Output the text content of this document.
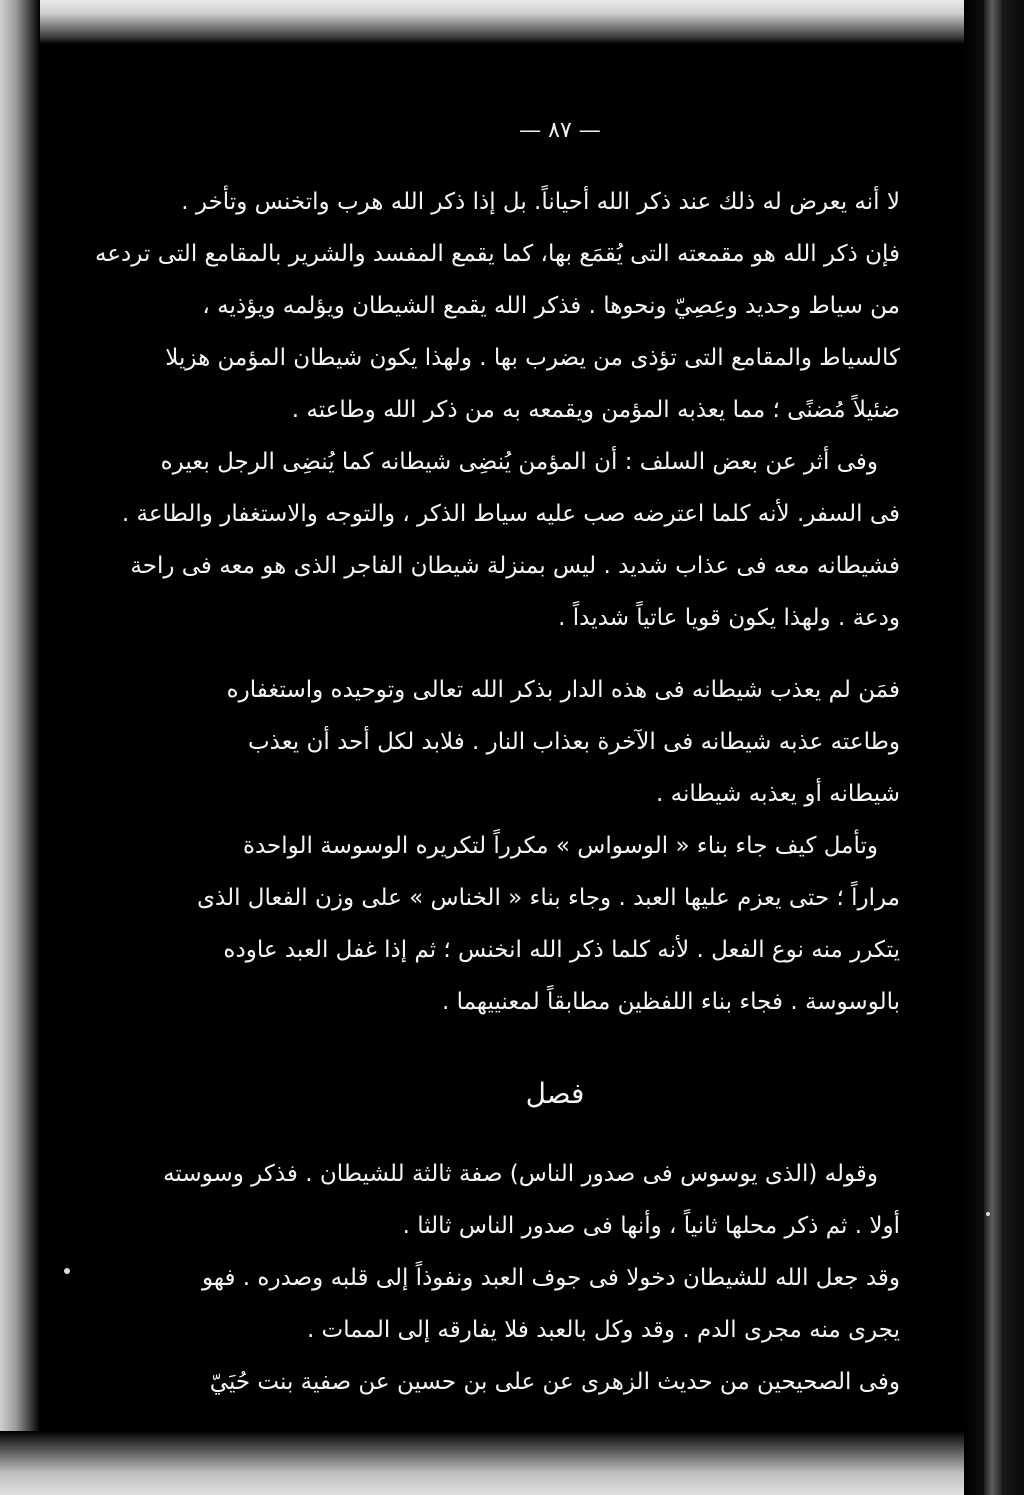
— ٨٧ —
لا أنه يعرض له ذلك عند ذكر الله أحياناً. بل إذا ذكر الله هرب واتخنس وتأخر .
فإن ذكر الله هو مقمعته التى يُقمَع بها، كما يقمع المفسد والشرير بالمقامع التى تردعه
من سياط وحديد وعِصِيّ ونحوها . فذكر الله يقمع الشيطان ويؤلمه ويؤذيه ،
كالسياط والمقامع التى تؤذى من يضرب بها . ولهذا يكون شيطان المؤمن هزيلا
ضئيلاً مُضنًى ؛ مما يعذبه المؤمن ويقمعه به من ذكر الله وطاعته .
وفى أثر عن بعض السلف : أن المؤمن يُنضِى شيطانه كما يُنضِى الرجل بعيره
فى السفر. لأنه كلما اعترضه صب عليه سياط الذكر ، والتوجه والاستغفار والطاعة .
فشيطانه معه فى عذاب شديد . ليس بمنزلة شيطان الفاجر الذى هو معه فى راحة
ودعة . ولهذا يكون قويا عاتياً شديداً .
فمَن لم يعذب شيطانه فى هذه الدار بذكر الله تعالى وتوحيده واستغفاره
وطاعته عذبه شيطانه فى الآخرة بعذاب النار . فلابد لكل أحد أن يعذب
شيطانه أو يعذبه شيطانه .
وتأمل كيف جاء بناء « الوسواس » مكرراً لتكريره الوسوسة الواحدة
مراراً ؛ حتى يعزم عليها العبد . وجاء بناء « الخناس » على وزن الفعال الذى
يتكرر منه نوع الفعل . لأنه كلما ذكر الله انخنس ؛ ثم إذا غفل العبد عاوده
بالوسوسة . فجاء بناء اللفظين مطابقاً لمعنييهما .
فصل
وقوله (الذى يوسوس فى صدور الناس) صفة ثالثة للشيطان . فذكر وسوسته
أولا . ثم ذكر محلها ثانياً ، وأنها فى صدور الناس ثالثا .
وقد جعل الله للشيطان دخولا فى جوف العبد ونفوذاً إلى قلبه وصدره . فهو
يجرى منه مجرى الدم . وقد وكل بالعبد فلا يفارقه إلى الممات .
وفى الصحيحين من حديث الزهرى عن على بن حسين عن صفية بنت حُيَيّ
